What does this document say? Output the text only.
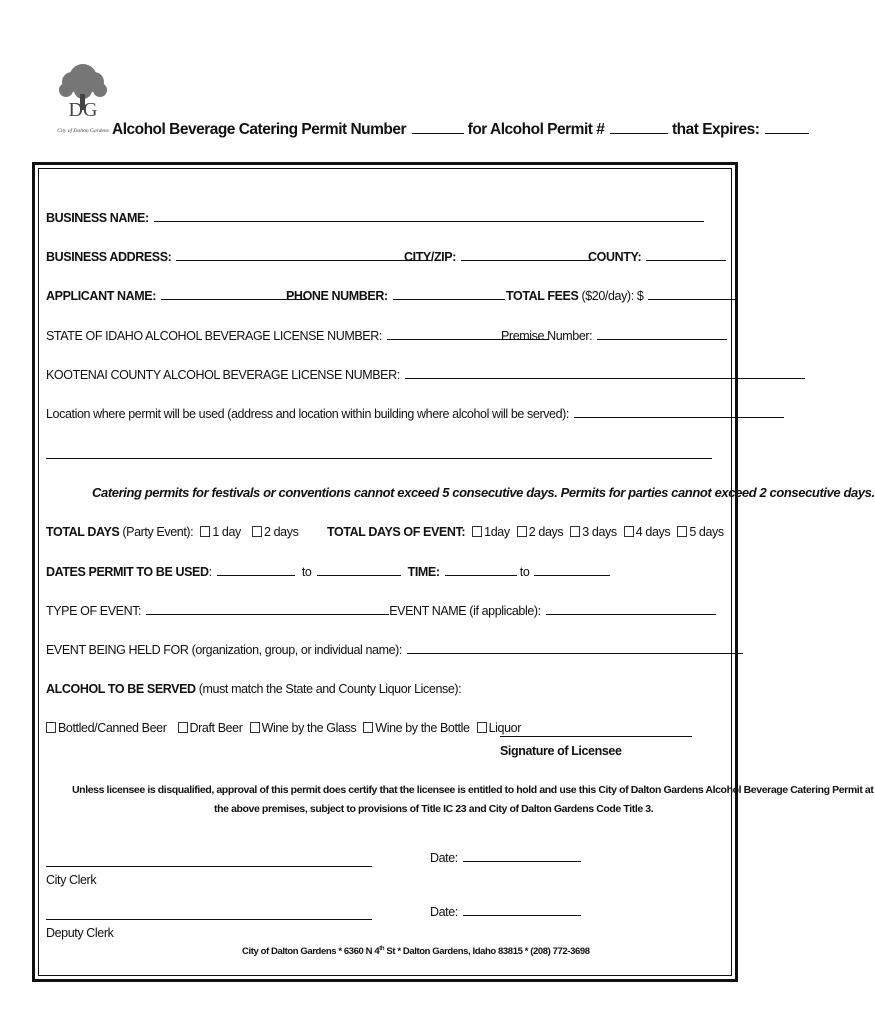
DG
City of Dalton Gardens Alcohol Beverage Catering Permit Number	for Alcohol Permit #	that Expires:
BUSINESS NAME:
BUSINESS ADDRESS:	CITY/ZIP:	COUNTY:
APPLICANT NAME:	PHONE NUMBER:	TOTAL FEES ($20/day): $
STATE OF IDAHO ALCOHOL BEVERAGE LICENSE NUMBER:	Premise Number:
KOOTENAI COUNTY ALCOHOL BEVERAGE LICENSE NUMBER:
Location where permit will be used (address and location within building where alcohol will be served):
Catering permits for festivals or conventions cannot exceed 5 consecutive days. Permits for parties cannot exceed 2 consecutive days.
TOTAL DAYS (Party Event): 1 day 2 days TOTAL DAYS OF EVENT: 1day 2 days 3 days 4 days 5 days
DATES PERMIT TO BE USED:	to	TIME:	to
TYPE OF EVENT:	EVENT NAME (if applicable):
EVENT BEING HELD FOR (organization, group, or individual name):
ALCOHOL TO BE SERVED (must match the State and County Liquor License):
Bottled/Canned Beer Draft Beer Wine by the Glass Wine by the Bottle Liquor
Signature of Licensee
Unless licensee is disqualified, approval of this permit does certify that the licensee is entitled to hold and use this City of Dalton Gardens Alcohol Beverage Catering Permit at
the above premises, subject to provisions of Title IC 23 and City of Dalton Gardens Code Title 3.
City Clerk
Date:
Deputy Clerk
Date:
City of Dalton Gardens * 6360 N 4th St * Dalton Gardens, Idaho 83815 * (208) 772-3698
